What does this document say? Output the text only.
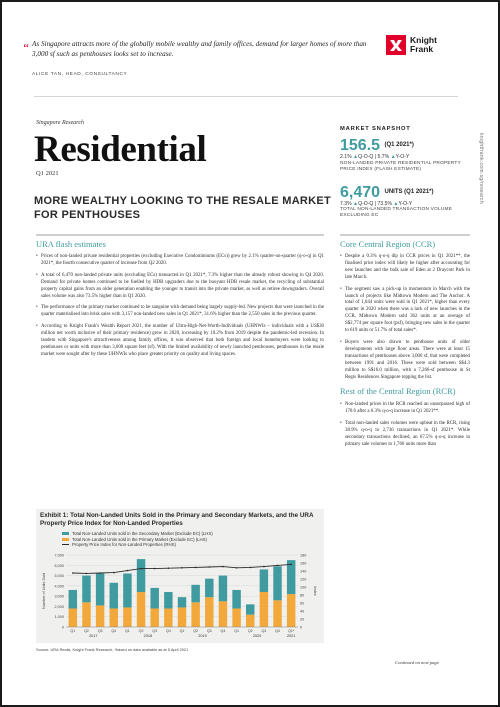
“ As Singapore attracts more of the globally mobile wealthy and family offices, demand for larger homes of more than 3,000 sf such as penthouses looks set to increase.
ALICE TAN, HEAD, CONSULTANCY
Knight
Frank
knightfrank.com.sg/research
Singapore Research
Residential
Q1 2021
MORE WEALTHY LOOKING TO THE RESALE MARKET FOR PENTHOUSES
MARKET SNAPSHOT
156.5 $^{(Q1 2021*)}$
2.1% ▲Q-O-Q | 5.7% ▲Y-O-Y
NON-LANDED PRIVATE RESIDENTIAL PROPERTY PRICE INDEX (FLASH ESTIMATE)
6,470 $^{UNITS (Q1 2021*)}$
7.3% ▲Q-O-Q | 73.5% ▲Y-O-Y
TOTAL NON-LANDED TRANSACTION VOLUME EXCLUDING EC
URA flash estimates	Core Central Region (CCR)

• Prices of non-landed private residential properties (excluding Executive Condominiums (ECs)) grew by 2.1% quarter-on-quarter (q-o-q) in Q1 2021*, the fourth consecutive quarter of increase from Q2 2020.

• A total of 6,470 non-landed private units (excluding ECs) transacted in Q1 2021*, 7.3% higher than the already robust showing in Q4 2020. Demand for private homes continued to be fuelled by HDB upgraders due to the buoyant HDB resale market, the recycling of substantial property capital gains from an older generation enabling the younger to transit into the private market, as well as retiree downgraders. Overall sales volume was also 73.5% higher than in Q1 2020.

• The performance of the primary market continued to be sanguine with demand being largely supply-led. New projects that were launched in the quarter materialised into brisk sales with 3,157 non-landed new sales in Q1 2021*, 31.6% higher than the 2,550 sales in the previous quarter.

• According to Knight Frank's Wealth Report 2021, the number of Ultra-High-Net-Worth-Individuals (UHNWIs – individuals with a US$30 million net worth inclusive of their primary residence) grew in 2020, increasing by 10.2% from 2019 despite the pandemic-led recession. In tandem with Singapore's attractiveness among family offices, it was observed that both foreign and local homebuyers were looking to penthouses or units with more than 3,000 square feet (sf). With the limited availability of newly launched penthouses, penthouses in the resale market were sought after by these UHNWIs who place greater priority on quality and living spaces.

• Despite a 0.3% q-o-q dip in CCR prices in Q1 2021**, the finalised price index will likely be higher after accounting for new launches and the bulk sale of Eden at 2 Draycott Park in late March.

• The segment saw a pick-up in momentum in March with the launch of projects like Midtown Modern and The Anchor. A total of 1,044 units were sold in Q1 2021*, higher than every quarter in 2020 when there was a lack of new launches in the CCR. Midtown Modern sold 362 units at an average of S$2,774 per square foot (psf), bringing new sales in the quarter to 619 units or 51.7% of total sales*.

• Buyers were also drawn to penthouse units of older developments with large floor areas. There were at least 15 transactions of penthouses above 3,000 sf, that were completed between 1991 and 2016. These were sold between S$4.3 million to S$16.0 million, with a 7,266-sf penthouse in St Regis Residences Singapore topping the list.

Rest of the Central Region (RCR)

• Non-landed prices in the RCR reached an unsurpassed high of 170.6 after a 6.3% q-o-q increase in Q1 2021**.

• Total non-landed sales volumes were upbeat in the RCR, rising 38.9% q-o-q to 2,736 transactions in Q1 2021*. While secondary transactions declined, an 67.5% q-o-q increase in primary sale volumes to 1,766 units more than

Continued on next page
Exhibit 1: Total Non-Landed Units Sold in the Primary and Secondary Markets, and the URA Property Price Index for Non-Landed Properties
0
1,000
2,000
3,000
4,000
5,000
6,000
7,000
0
20
40
60
80
100
120
140
160
180
Number of Units Sold	Index
Q1 Q2 Q3 Q4 Q1 Q2 Q3 Q4 Q1 Q2 Q3 Q4 Q1 Q2 Q3 Q4 Q1*
2017	2018	2019	2020	2021
Total Non-Landed Units sold in the Secondary Market (Exclude EC) (LHS)
Total Non-Landed Units sold in the Primary Market (Exclude EC) (LHS)
Property Price Index for Non-Landed Properties (RHS)
Source: URA Realis, Knight Frank Research, *based on data available as at 5 April 2021
